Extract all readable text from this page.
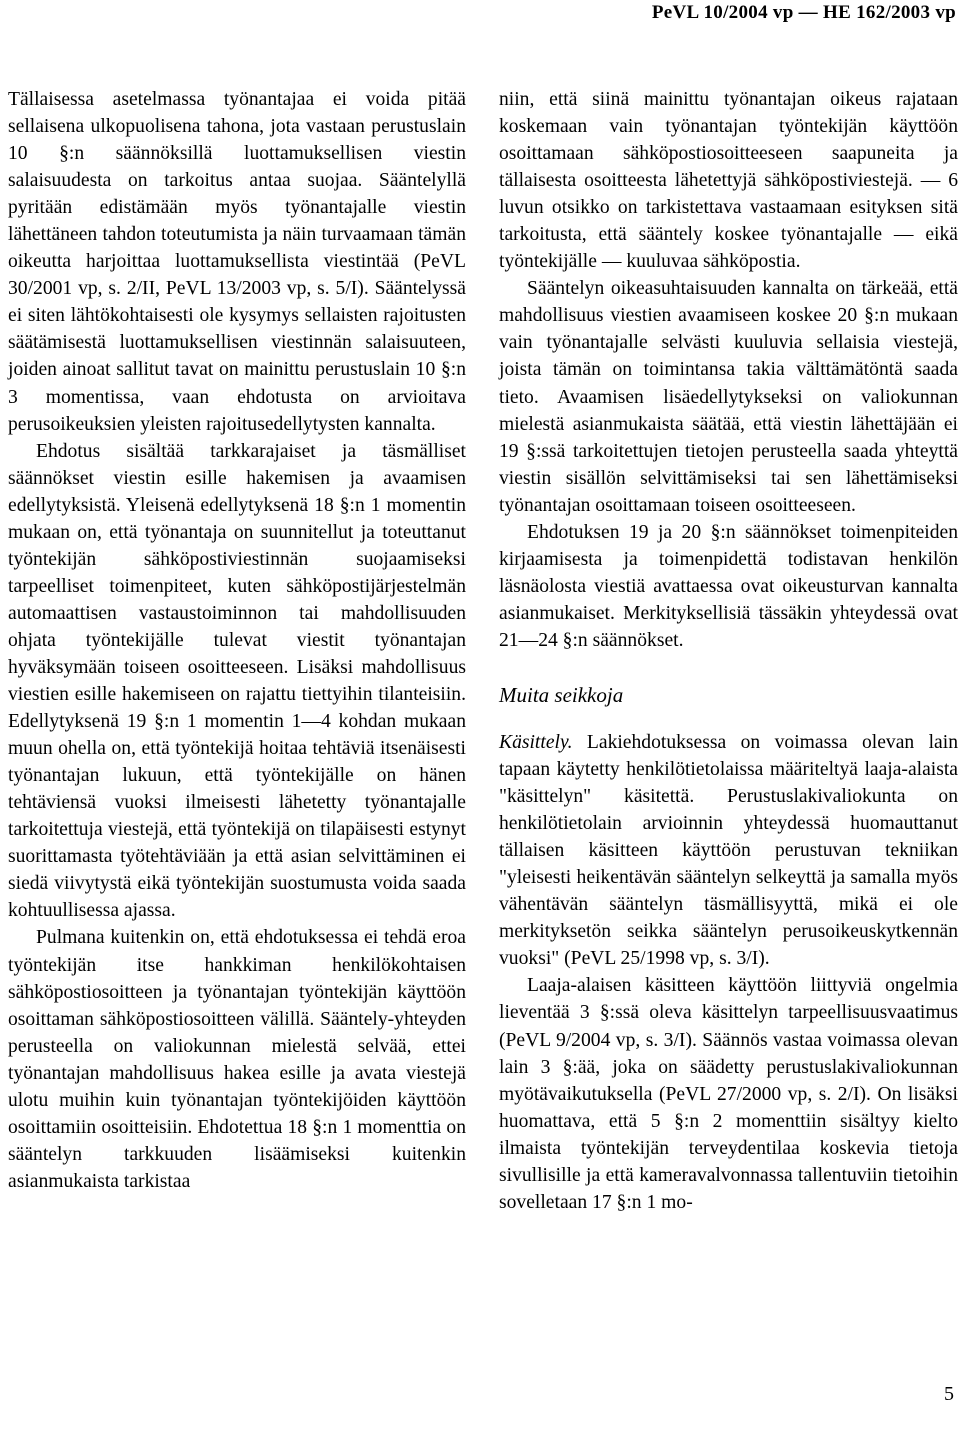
PeVL 10/2004 vp — HE 162/2003 vp

Tällaisessa asetelmassa työnantajaa ei voida pitää sellaisena ulkopuolisena tahona, jota vastaan perustuslain 10 §:n säännöksillä luottamuksellisen viestin salaisuudesta on tarkoitus antaa suojaa. Sääntelyllä pyritään edistämään myös työnantajalle viestin lähettäneen tahdon toteutumista ja näin turvaamaan tämän oikeutta harjoittaa luottamuksellista viestintää (PeVL 30/2001 vp, s. 2/II, PeVL 13/2003 vp, s. 5/I). Sääntelyssä ei siten lähtökohtaisesti ole kysymys sellaisten rajoitusten säätämisestä luottamuksellisen viestinnän salaisuuteen, joiden ainoat sallitut tavat on mainittu perustuslain 10 §:n 3 momentissa, vaan ehdotusta on arvioitava perusoikeuksien yleisten rajoitusedellytysten kannalta.

Ehdotus sisältää tarkkarajaiset ja täsmälliset säännökset viestin esille hakemisen ja avaamisen edellytyksistä. Yleisenä edellytyksenä 18 §:n 1 momentin mukaan on, että työnantaja on suunnitellut ja toteuttanut työntekijän sähköpostiviestinnän suojaamiseksi tarpeelliset toimenpiteet, kuten sähköpostijärjestelmän automaattisen vastaustoiminnon tai mahdollisuuden ohjata työntekijälle tulevat viestit työnantajan hyväksymään toiseen osoitteeseen. Lisäksi mahdollisuus viestien esille hakemiseen on rajattu tiettyihin tilanteisiin. Edellytyksenä 19 §:n 1 momentin 1—4 kohdan mukaan muun ohella on, että työntekijä hoitaa tehtäviä itsenäisesti työnantajan lukuun, että työntekijälle on hänen tehtäviensä vuoksi ilmeisesti lähetetty työnantajalle tarkoitettuja viestejä, että työntekijä on tilapäisesti estynyt suorittamasta työtehtäviään ja että asian selvittäminen ei siedä viivytystä eikä työntekijän suostumusta voida saada kohtuullisessa ajassa.

Pulmana kuitenkin on, että ehdotuksessa ei tehdä eroa työntekijän itse hankkiman henkilökohtaisen sähköpostiosoitteen ja työnantajan työntekijän käyttöön osoittaman sähköpostiosoitteen välillä. Sääntely-yhteyden perusteella on valiokunnan mielestä selvää, ettei työnantajan mahdollisuus hakea esille ja avata viestejä ulotu muihin kuin työnantajan työntekijöiden käyttöön osoittamiin osoitteisiin. Ehdotettua 18 §:n 1 momenttia on sääntelyn tarkkuuden lisäämiseksi kuitenkin asianmukaista tarkistaa

niin, että siinä mainittu työnantajan oikeus rajataan koskemaan vain työnantajan työntekijän käyttöön osoittamaan sähköpostiosoitteeseen saapuneita ja tällaisesta osoitteesta lähetettyjä sähköpostiviestejä. — 6 luvun otsikko on tarkistettava vastaamaan esityksen sitä tarkoitusta, että sääntely koskee työnantajalle — eikä työntekijälle — kuuluvaa sähköpostia.

Sääntelyn oikeasuhtaisuuden kannalta on tärkeää, että mahdollisuus viestien avaamiseen koskee 20 §:n mukaan vain työnantajalle selvästi kuuluvia sellaisia viestejä, joista tämän on toimintansa takia välttämätöntä saada tieto. Avaamisen lisäedellytykseksi on valiokunnan mielestä asianmukaista säätää, että viestin lähettäjään ei 19 §:ssä tarkoitettujen tietojen perusteella saada yhteyttä viestin sisällön selvittämiseksi tai sen lähettämiseksi työnantajan osoittamaan toiseen osoitteeseen.

Ehdotuksen 19 ja 20 §:n säännökset toimenpiteiden kirjaamisesta ja toimenpidettä todistavan henkilön läsnäolosta viestiä avattaessa ovat oikeusturvan kannalta asianmukaiset. Merkityksellisiä tässäkin yhteydessä ovat 21—24 §:n säännökset.

Muita seikkoja

Käsittely. Lakiehdotuksessa on voimassa olevan lain tapaan käytetty henkilötietolaissa määriteltyä laaja-alaista "käsittelyn" käsitettä. Perustuslakivaliokunta on henkilötietolain arvioinnin yhteydessä huomauttanut tällaisen käsitteen käyttöön perustuvan tekniikan "yleisesti heikentävän sääntelyn selkeyttä ja samalla myös vähentävän sääntelyn täsmällisyyttä, mikä ei ole merkityksetön seikka sääntelyn perusoikeuskytkennän vuoksi" (PeVL 25/1998 vp, s. 3/I).

Laaja-alaisen käsitteen käyttöön liittyviä ongelmia lieventää 3 §:ssä oleva käsittelyn tarpeellisuusvaatimus (PeVL 9/2004 vp, s. 3/I). Säännös vastaa voimassa olevan lain 3 §:ää, joka on säädetty perustuslakivaliokunnan myötävaikutuksella (PeVL 27/2000 vp, s. 2/I). On lisäksi huomattava, että 5 §:n 2 momenttiin sisältyy kielto ilmaista työntekijän terveydentilaa koskevia tietoja sivullisille ja että kameravalvonnassa tallentuviin tietoihin sovelletaan 17 §:n 1 mo-

5
